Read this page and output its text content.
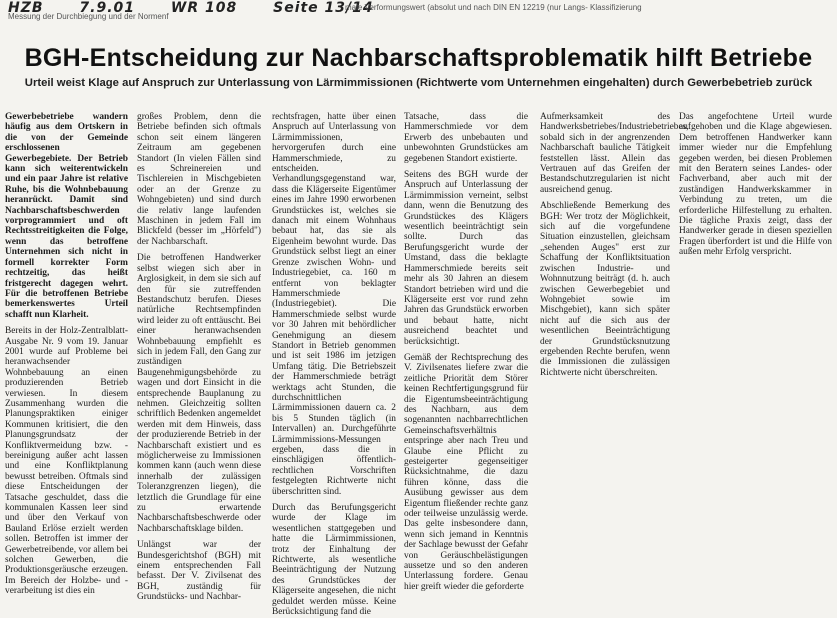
HZB	7.9.01	WR 108	Seite 13/14
Messung der Durchbiegung und der Normenf
male Verformungswert (absolut und nach DIN EN 12219 (nur Langs- Klassifizierung
BGH-Entscheidung zur Nachbarschaftsproblematik hilft Betriebe
Urteil weist Klage auf Anspruch zur Unterlassung von Lärmimmissionen (Richtwerte vom Unternehmen eingehalten) durch Gewerbebetrieb zurück

Gewerbebetriebe wandern häufig aus dem Ortskern in die von der Gemeinde erschlossenen Gewerbegebiete. Der Betrieb kann sich weiterentwickeln und ein paar Jahre ist relative Ruhe, bis die Wohnbebauung heranrückt. Damit sind Nachbarschaftsbeschwerden vorprogrammiert und oft Rechtsstreitigkeiten die Folge, wenn das betroffene Unternehmen sich nicht in formell korrekter Form rechtzeitig, das heißt fristgerecht dagegen wehrt. Für die betroffenen Betriebe bemerkenswertes Urteil schafft nun Klarheit.

Bereits in der Holz-Zentralblatt-Ausgabe Nr. 9 vom 19. Januar 2001 wurde auf Probleme bei heranwachsender Wohnbebauung an einen produzierenden Betrieb verwiesen. In diesem Zusammenhang wurden die Planungspraktiken einiger Kommunen kritisiert, die den Planungsgrundsatz der Konfliktvermeidung bzw. -bereinigung außer acht lassen und eine Konfliktplanung bewusst betreiben. Oftmals sind diese Entscheidungen der Tatsache geschuldet, dass die kommunalen Kassen leer sind und über den Verkauf von Bauland Erlöse erzielt werden sollen. Betroffen ist immer der Gewerbetreibende, vor allem bei solchen Gewerben, die Produktionsgeräusche erzeugen. Im Bereich der Holzbe- und -verarbeitung ist dies ein

großes Problem, denn die Betriebe befinden sich oftmals schon seit einem längeren Zeitraum am gegebenen Standort (In vielen Fällen sind es Schreinereien und Tischlereien in Mischgebieten oder an der Grenze zu Wohngebieten) und sind durch die relativ lange laufenden Maschinen in jedem Fall im Blickfeld (besser im „Hörfeld") der Nachbarschaft.

Die betroffenen Handwerker selbst wiegen sich aber in Arglosigkeit, in dem sie sich auf den für sie zutreffenden Bestandschutz berufen. Dieses natürliche Rechtsempfinden wird leider zu oft enttäuscht. Bei einer heranwachsenden Wohnbebauung empfiehlt es sich in jedem Fall, den Gang zur zuständigen Baugenehmigungsbehörde zu wagen und dort Einsicht in die entsprechende Bauplanung zu nehmen. Gleichzeitig sollten schriftlich Bedenken angemeldet werden mit dem Hinweis, dass der produzierende Betrieb in der Nachbarschaft existiert und es möglicherweise zu Immissionen kommen kann (auch wenn diese innerhalb der zulässigen Toleranzgrenzen liegen), die letztlich die Grundlage für eine zu erwartende Nachbarschaftsbeschwerde oder Nachbarschaftsklage bilden.

Unlängst war der Bundesgerichtshof (BGH) mit einem entsprechenden Fall befasst. Der V. Zivilsenat des BGH, zuständig für Grundstücks- und Nachbar-

rechtsfragen, hatte über einen Anspruch auf Unterlassung von Lärmimmissionen, hervorgerufen durch eine Hammerschmiede, zu entscheiden. Verhandlungsgegenstand war, dass die Klägerseite Eigentümer eines im Jahre 1990 erworbenen Grundstückes ist, welches sie danach mit einem Wohnhaus bebaut hat, das sie als Eigenheim bewohnt wurde. Das Grundstück selbst liegt an einer Grenze zwischen Wohn- und Industriegebiet, ca. 160 m entfernt von beklagter Hammerschmiede (Industriegebiet). Die Hammerschmiede selbst wurde vor 30 Jahren mit behördlicher Genehmigung an diesem Standort in Betrieb genommen und ist seit 1986 im jetzigen Umfang tätig. Die Betriebszeit der Hammerschmiede beträgt werktags acht Stunden, die durchschnittlichen Lärmimmissionen dauern ca. 2 bis 5 Stunden täglich (in Intervallen) an. Durchgeführte Lärmimmissions-Messungen ergeben, dass die in einschlägigen öffentlich-rechtlichen Vorschriften festgelegten Richtwerte nicht überschritten sind.

Durch das Berufungsgericht wurde der Klage im wesentlichen stattgegeben und hatte die Lärmimmissionen, trotz der Einhaltung der Richtwerte, als wesentliche Beeinträchtigung der Nutzung des Grundstückes der Klägerseite angesehen, die nicht geduldet werden müsse. Keine Berücksichtigung fand die

Tatsache, dass die Hammerschmiede vor dem Erwerb des unbebauten und unbewohnten Grundstückes am gegebenen Standort existierte.

Seitens des BGH wurde der Anspruch auf Unterlassung der Lärmimmission verneint, selbst dann, wenn die Benutzung des Grundstückes des Klägers wesentlich beeinträchtigt sein sollte. Durch das Berufungsgericht wurde der Umstand, dass die beklagte Hammerschmiede bereits seit mehr als 30 Jahren an diesem Standort betrieben wird und die Klägerseite erst vor rund zehn Jahren das Grundstück erworben und bebaut hatte, nicht ausreichend beachtet und berücksichtigt.

Gemäß der Rechtsprechung des V. Zivilsenates liefere zwar die zeitliche Priorität dem Störer keinen Rechtfertigungsgrund für die Eigentumsbeeinträchtigung des Nachbarn, aus dem sogenannten nachbarrechtlichen Gemeinschaftsverhältnis entspringe aber nach Treu und Glaube eine Pflicht zu gesteigerter gegenseitiger Rücksichtnahme, die dazu führen könne, dass die Ausübung gewisser aus dem Eigentum fließender rechte ganz oder teilweise unzulässig werde. Das gelte insbesondere dann, wenn sich jemand in Kenntnis der Sachlage bewusst der Gefahr von Geräuschbelästigungen aussetze und so den anderen Unterlassung fordere. Genau hier greift wieder die geforderte

Aufmerksamkeit des Handwerksbetriebes/Industriebetriebes, sobald sich in der angrenzenden Nachbarschaft bauliche Tätigkeit feststellen lässt. Allein das Vertrauen auf das Greifen der Bestandschutzregularien ist nicht ausreichend genug.

Abschließende Bemerkung des BGH: Wer trotz der Möglichkeit, sich auf die vorgefundene Situation einzustellen, gleichsam „sehenden Auges" erst zur Schaffung der Konfliktsituation zwischen Industrie- und Wohnnutzung beiträgt (d. h. auch zwischen Gewerbegebiet und Wohngebiet sowie im Mischgebiet), kann sich später nicht auf die sich aus der wesentlichen Beeinträchtigung der Grundstücksnutzung ergebenden Rechte berufen, wenn die Immissionen die zulässigen Richtwerte nicht überschreiten.

Das angefochtene Urteil wurde aufgehoben und die Klage abgewiesen. Dem betroffenen Handwerker kann immer wieder nur die Empfehlung gegeben werden, bei diesen Problemen mit den Beratern seines Landes- oder Fachverband, aber auch mit der zuständigen Handwerkskammer in Verbindung zu treten, um die erforderliche Hilfestellung zu erhalten. Die tägliche Praxis zeigt, dass der Handwerker gerade in diesen speziellen Fragen überfordert ist und die Hilfe von außen mehr Erfolg verspricht.
